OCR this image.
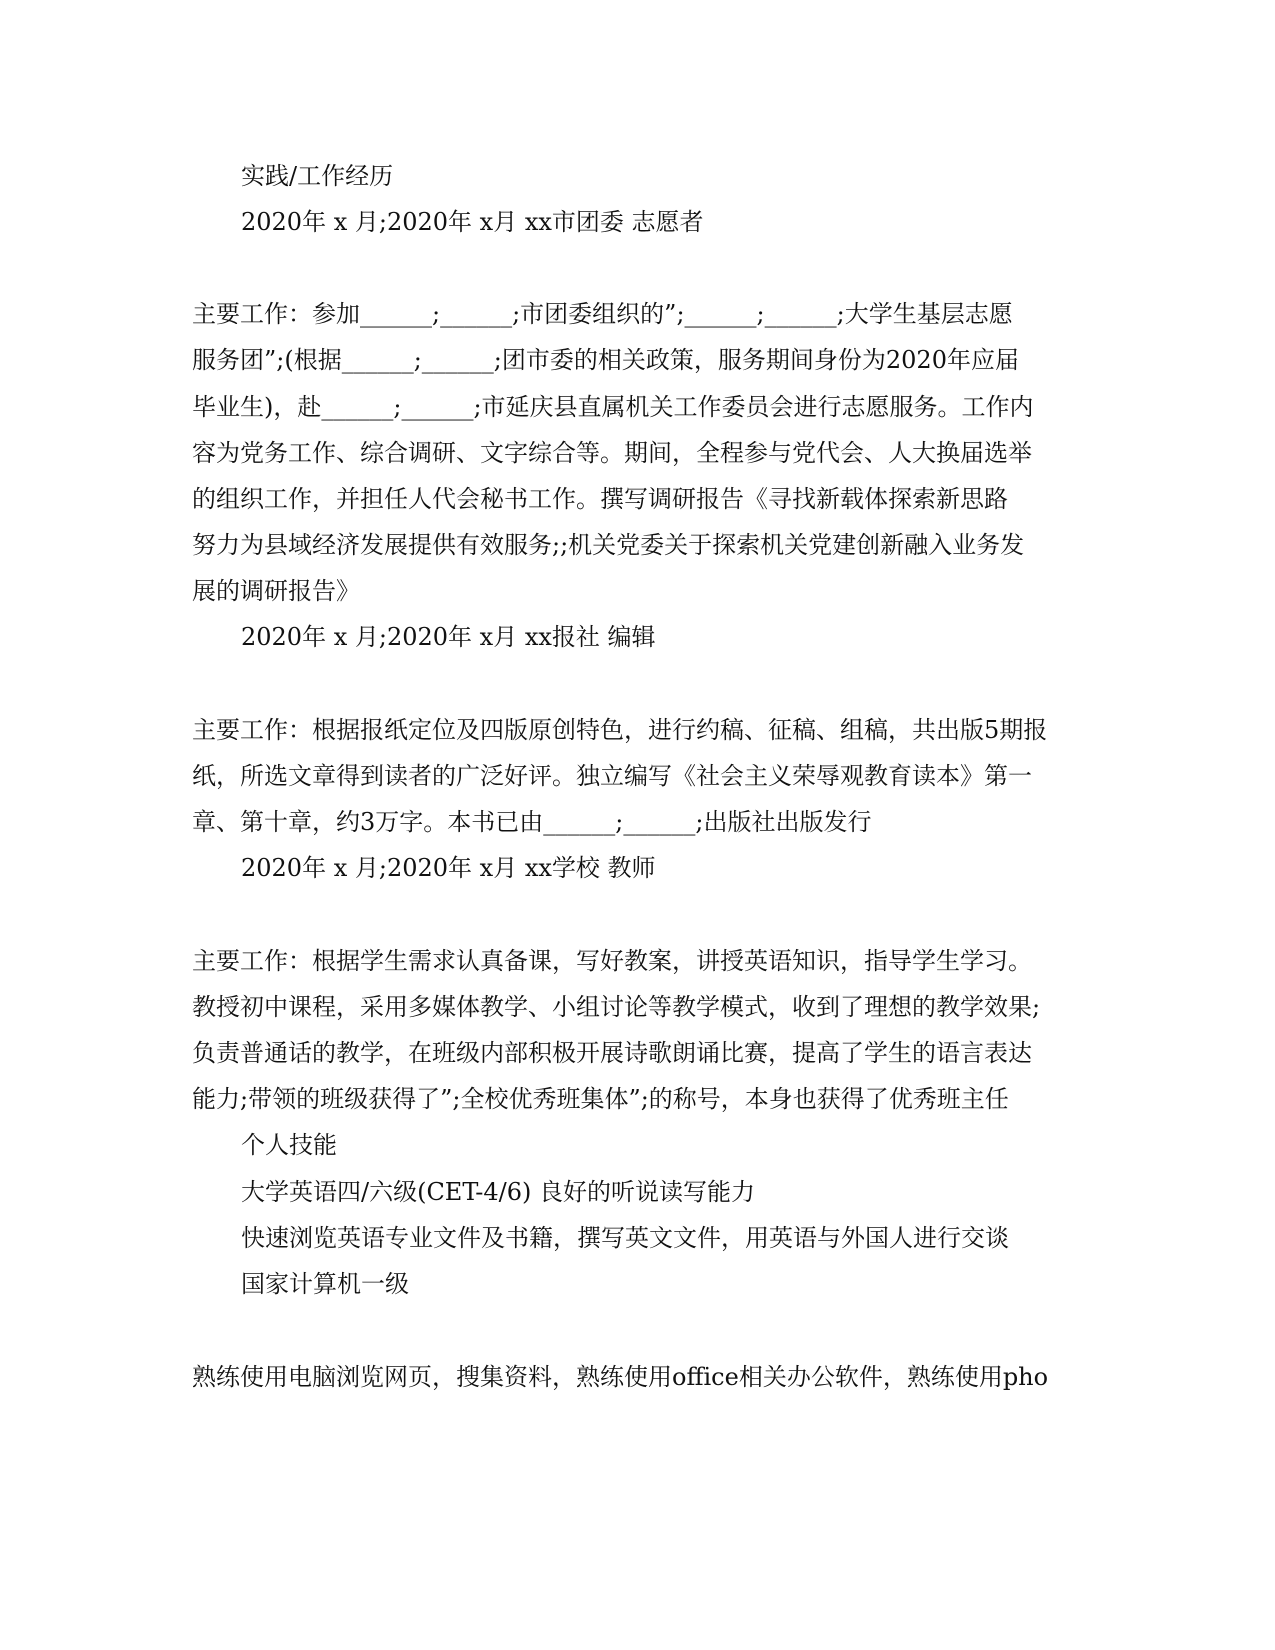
实践/工作经历

2020年 x 月;2020年 x月 xx市团委 志愿者

主要工作：参加______;______;市团委组织的”;______;______;大学生基层志愿

服务团”;(根据______;______;团市委的相关政策，服务期间身份为2020年应届

毕业生)，赴______;______;市延庆县直属机关工作委员会进行志愿服务。工作内

容为党务工作、综合调研、文字综合等。期间，全程参与党代会、人大换届选举

的组织工作，并担任人代会秘书工作。撰写调研报告《寻找新载体探索新思路

努力为县域经济发展提供有效服务;;机关党委关于探索机关党建创新融入业务发

展的调研报告》

2020年 x 月;2020年 x月 xx报社 编辑

主要工作：根据报纸定位及四版原创特色，进行约稿、征稿、组稿，共出版5期报

纸，所选文章得到读者的广泛好评。独立编写《社会主义荣辱观教育读本》第一

章、第十章，约3万字。本书已由______;______;出版社出版发行

2020年 x 月;2020年 x月 xx学校 教师

主要工作：根据学生需求认真备课，写好教案，讲授英语知识，指导学生学习。

教授初中课程，采用多媒体教学、小组讨论等教学模式，收到了理想的教学效果;

负责普通话的教学，在班级内部积极开展诗歌朗诵比赛，提高了学生的语言表达

能力;带领的班级获得了”;全校优秀班集体”;的称号，本身也获得了优秀班主任

个人技能

大学英语四/六级(CET-4/6) 良好的听说读写能力

快速浏览英语专业文件及书籍，撰写英文文件，用英语与外国人进行交谈

国家计算机一级

熟练使用电脑浏览网页，搜集资料，熟练使用office相关办公软件，熟练使用pho
